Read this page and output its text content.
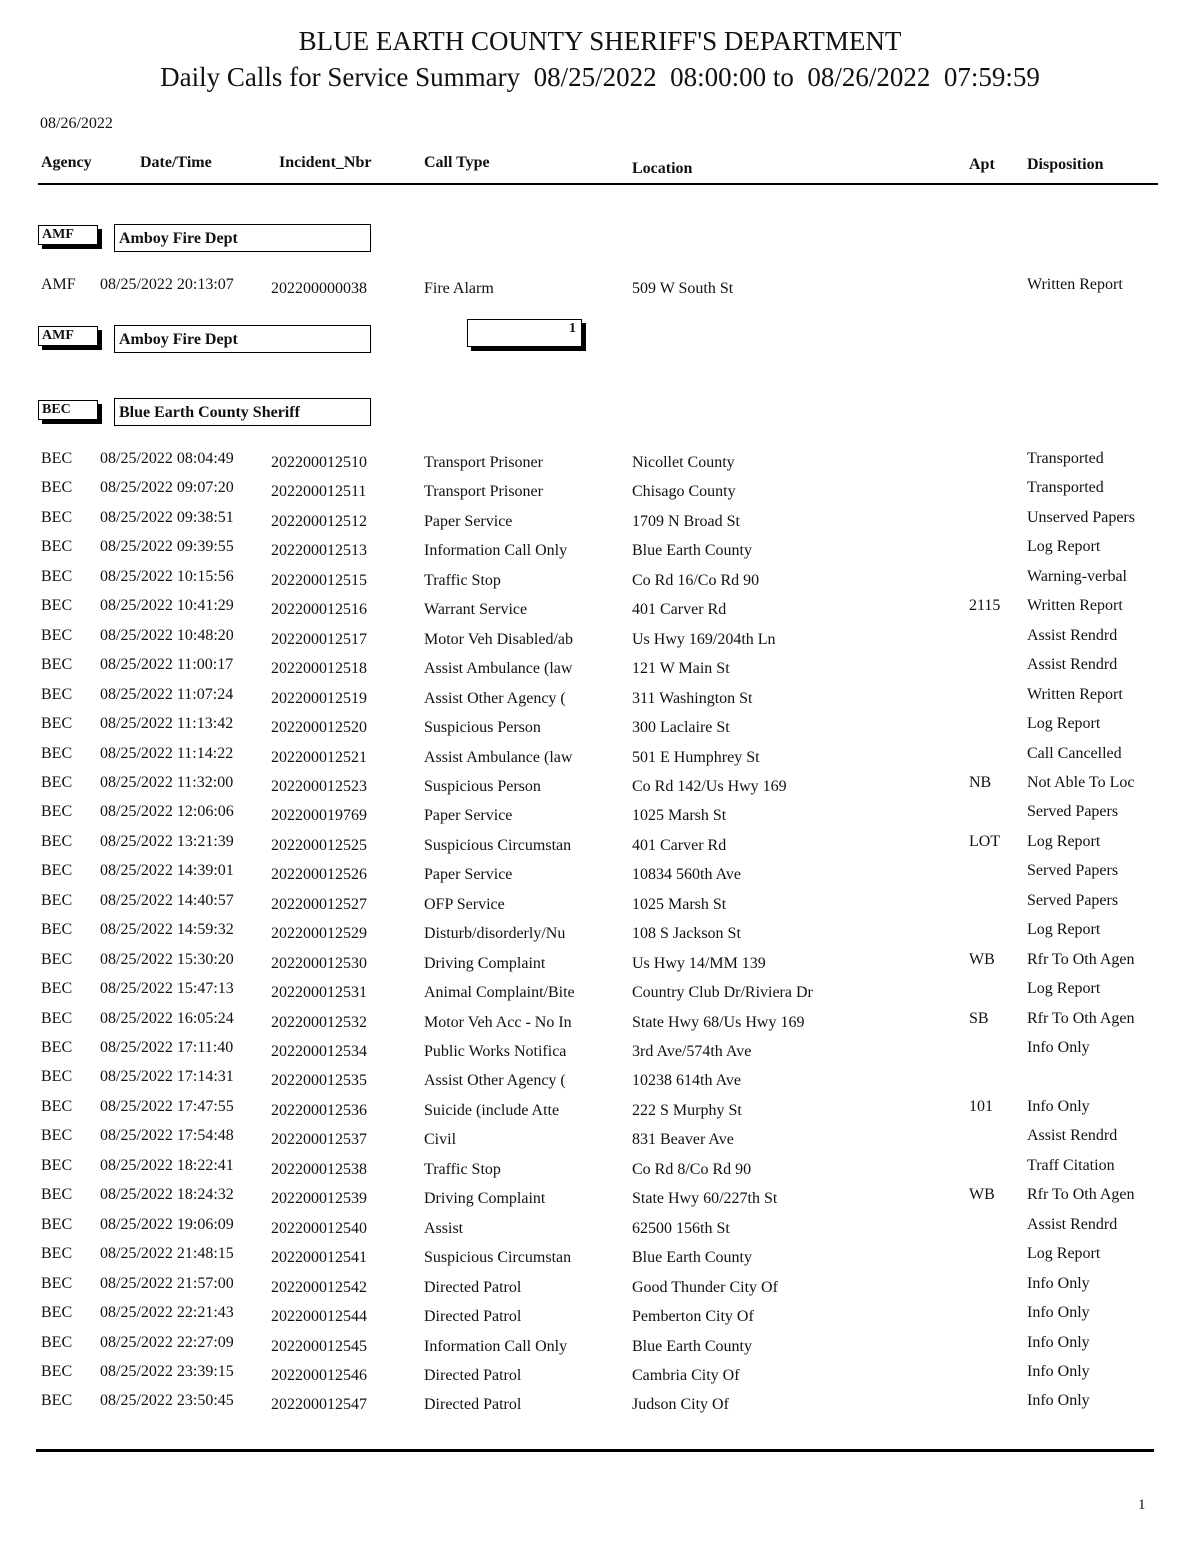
BLUE EARTH COUNTY SHERIFF'S DEPARTMENT
Daily Calls for Service Summary  08/25/2022  08:00:00 to  08/26/2022  07:59:59
08/26/2022
Agency	Date/Time	Incident_Nbr	Call Type	Location	Apt Disposition
AMF	Amboy Fire Dept
AMF 08/25/2022 20:13:07 202200000038	Fire Alarm	509 W South St	Written Report
AMF	Amboy Fire Dept
1
BEC	Blue Earth County Sheriff
BEC 08/25/2022 08:04:49 202200012510	Transport Prisoner	Nicollet County	Transported
BEC 08/25/2022 09:07:20 202200012511	Transport Prisoner	Chisago County	Transported
BEC 08/25/2022 09:38:51 202200012512	Paper Service	1709 N Broad St	Unserved Papers
BEC 08/25/2022 09:39:55 202200012513	Information Call Only	Blue Earth County	Log Report
BEC 08/25/2022 10:15:56 202200012515	Traffic Stop	Co Rd 16/Co Rd 90	Warning-verbal
BEC 08/25/2022 10:41:29 202200012516	Warrant Service	401 Carver Rd	2115 Written Report
BEC 08/25/2022 10:48:20 202200012517	Motor Veh Disabled/ab	Us Hwy 169/204th Ln	Assist Rendrd
BEC 08/25/2022 11:00:17 202200012518	Assist Ambulance (law	121 W Main St	Assist Rendrd
BEC 08/25/2022 11:07:24 202200012519	Assist Other Agency (	311 Washington St	Written Report
BEC 08/25/2022 11:13:42 202200012520	Suspicious Person	300 Laclaire St	Log Report
BEC 08/25/2022 11:14:22 202200012521	Assist Ambulance (law	501 E Humphrey St	Call Cancelled
BEC 08/25/2022 11:32:00 202200012523	Suspicious Person	Co Rd 142/Us Hwy 169	NB Not Able To Loc
BEC 08/25/2022 12:06:06 202200019769	Paper Service	1025 Marsh St	Served Papers
BEC 08/25/2022 13:21:39 202200012525	Suspicious Circumstan	401 Carver Rd	LOT Log Report
BEC 08/25/2022 14:39:01 202200012526	Paper Service	10834 560th Ave	Served Papers
BEC 08/25/2022 14:40:57 202200012527	OFP Service	1025 Marsh St	Served Papers
BEC 08/25/2022 14:59:32 202200012529	Disturb/disorderly/Nu	108 S Jackson St	Log Report
BEC 08/25/2022 15:30:20 202200012530	Driving Complaint	Us Hwy 14/MM 139	WB Rfr To Oth Agen
BEC 08/25/2022 15:47:13 202200012531	Animal Complaint/Bite	Country Club Dr/Riviera Dr	Log Report
BEC 08/25/2022 16:05:24 202200012532	Motor Veh Acc - No In	State Hwy 68/Us Hwy 169	SB Rfr To Oth Agen
BEC 08/25/2022 17:11:40 202200012534	Public Works Notifica	3rd Ave/574th Ave	Info Only
BEC 08/25/2022 17:14:31 202200012535	Assist Other Agency (	10238 614th Ave
BEC 08/25/2022 17:47:55 202200012536	Suicide (include Atte	222 S Murphy St	101 Info Only
BEC 08/25/2022 17:54:48 202200012537	Civil	831 Beaver Ave	Assist Rendrd
BEC 08/25/2022 18:22:41 202200012538	Traffic Stop	Co Rd 8/Co Rd 90	Traff Citation
BEC 08/25/2022 18:24:32 202200012539	Driving Complaint	State Hwy 60/227th St	WB Rfr To Oth Agen
BEC 08/25/2022 19:06:09 202200012540	Assist	62500 156th St	Assist Rendrd
BEC 08/25/2022 21:48:15 202200012541	Suspicious Circumstan	Blue Earth County	Log Report
BEC 08/25/2022 21:57:00 202200012542	Directed Patrol	Good Thunder City Of	Info Only
BEC 08/25/2022 22:21:43 202200012544	Directed Patrol	Pemberton City Of	Info Only
BEC 08/25/2022 22:27:09 202200012545	Information Call Only	Blue Earth County	Info Only
BEC 08/25/2022 23:39:15 202200012546	Directed Patrol	Cambria City Of	Info Only
BEC 08/25/2022 23:50:45 202200012547	Directed Patrol	Judson City Of	Info Only
1
